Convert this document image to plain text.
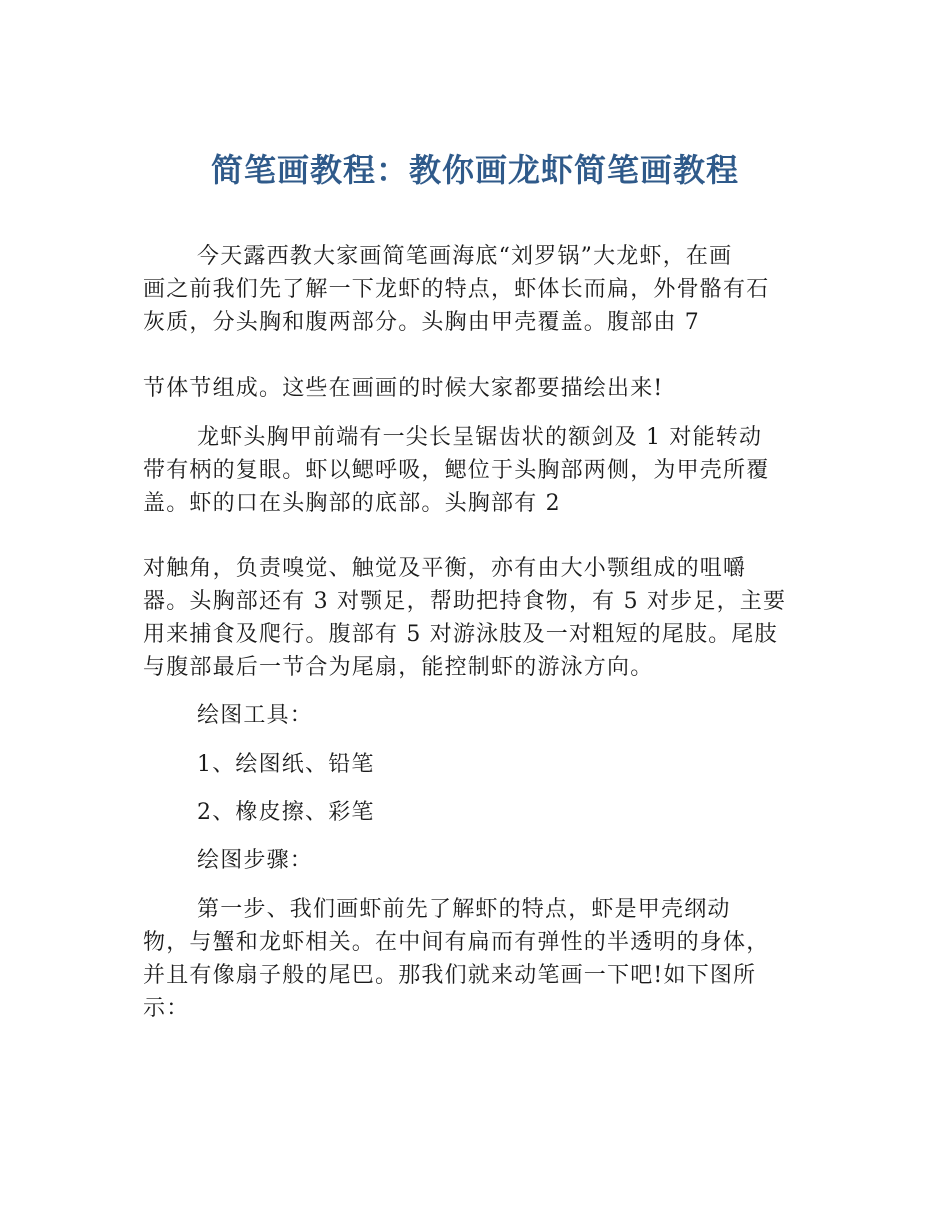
简笔画教程：教你画龙虾简笔画教程

今天露西教大家画简笔画海底“刘罗锅”大龙虾，在画
画之前我们先了解一下龙虾的特点，虾体长而扁，外骨骼有石
灰质，分头胸和腹两部分。头胸由甲壳覆盖。腹部由 7

节体节组成。这些在画画的时候大家都要描绘出来!

龙虾头胸甲前端有一尖长呈锯齿状的额剑及 1 对能转动
带有柄的复眼。虾以鳃呼吸，鳃位于头胸部两侧，为甲壳所覆
盖。虾的口在头胸部的底部。头胸部有 2

对触角，负责嗅觉、触觉及平衡，亦有由大小颚组成的咀嚼
器。头胸部还有 3 对颚足，帮助把持食物，有 5 对步足，主要
用来捕食及爬行。腹部有 5 对游泳肢及一对粗短的尾肢。尾肢
与腹部最后一节合为尾扇，能控制虾的游泳方向。

绘图工具：

1、绘图纸、铅笔

2、橡皮擦、彩笔

绘图步骤：

第一步、我们画虾前先了解虾的特点，虾是甲壳纲动
物，与蟹和龙虾相关。在中间有扁而有弹性的半透明的身体，
并且有像扇子般的尾巴。那我们就来动笔画一下吧!如下图所
示：
